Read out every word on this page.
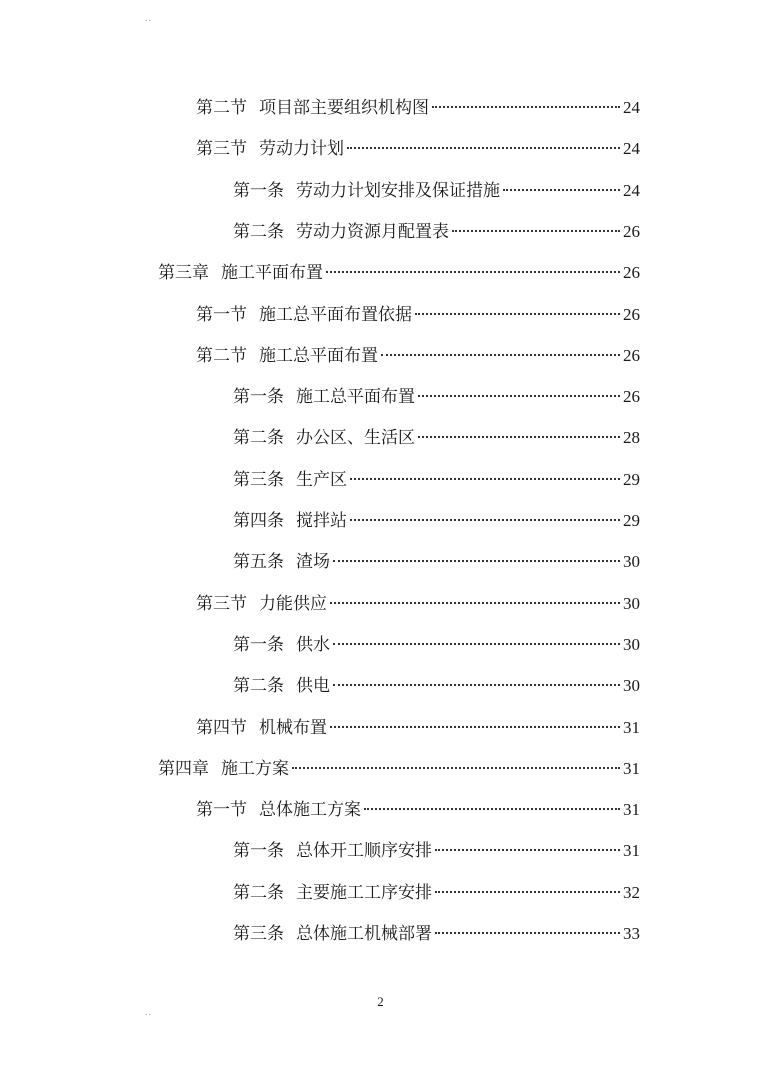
..
第二节 项目部主要组织机构图	24
第三节 劳动力计划	24
第一条 劳动力计划安排及保证措施	24
第二条 劳动力资源月配置表	26
第三章 施工平面布置	26
第一节 施工总平面布置依据	26
第二节 施工总平面布置	26
第一条 施工总平面布置	26
第二条 办公区、生活区	28
第三条 生产区	29
第四条 搅拌站	29
第五条 渣场	30
第三节 力能供应	30
第一条 供水	30
第二条 供电	30
第四节 机械布置	31
第四章 施工方案	31
第一节 总体施工方案	31
第一条 总体开工顺序安排	31
第二条 主要施工工序安排	32
第三条 总体施工机械部署	33
2
..
